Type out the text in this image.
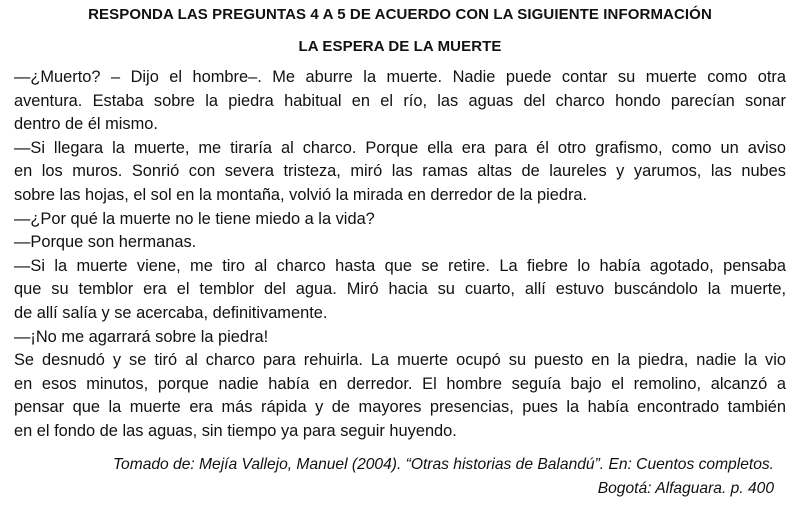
RESPONDA LAS PREGUNTAS 4 A 5 DE ACUERDO CON LA SIGUIENTE INFORMACIÓN
LA ESPERA DE LA MUERTE
—¿Muerto? – Dijo el hombre–. Me aburre la muerte. Nadie puede contar su muerte como otra
aventura. Estaba sobre la piedra habitual en el río, las aguas del charco hondo parecían sonar
dentro de él mismo.
—Si llegara la muerte, me tiraría al charco. Porque ella era para él otro grafismo, como un aviso
en los muros. Sonrió con severa tristeza, miró las ramas altas de laureles y yarumos, las nubes
sobre las hojas, el sol en la montaña, volvió la mirada en derredor de la piedra.
—¿Por qué la muerte no le tiene miedo a la vida?
—Porque son hermanas.
—Si la muerte viene, me tiro al charco hasta que se retire. La fiebre lo había agotado, pensaba
que su temblor era el temblor del agua. Miró hacia su cuarto, allí estuvo buscándolo la muerte,
de allí salía y se acercaba, definitivamente.
—¡No me agarrará sobre la piedra!
Se desnudó y se tiró al charco para rehuirla. La muerte ocupó su puesto en la piedra, nadie la vio
en esos minutos, porque nadie había en derredor. El hombre seguía bajo el remolino, alcanzó a
pensar que la muerte era más rápida y de mayores presencias, pues la había encontrado también
en el fondo de las aguas, sin tiempo ya para seguir huyendo.
Tomado de: Mejía Vallejo, Manuel (2004). “Otras historias de Balandú”. En: Cuentos completos.
Bogotá: Alfaguara. p. 400
